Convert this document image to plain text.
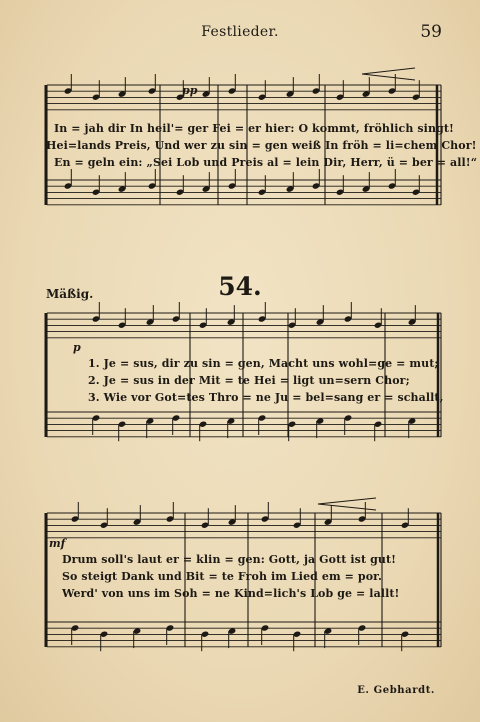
Festlieder.	59
In = jah dir In heil'= ger Fei = er hier: O kommt, fröhlich singt!
Hei=lands Preis, Und wer zu sin = gen weiß In fröh = li=chem Chor!
En = geln ein: „Sei Lob und Preis al = lein Dir, Herr, ü = ber = all!“
pp
54.
Mäßig.
1. Je = sus, dir zu sin = gen, Macht uns wohl=ge = mut;
2. Je = sus in der Mit = te Hei = ligt un=sern Chor;
3. Wie vor Got=tes Thro = ne Ju = bel=sang er = schallt,
p
Drum soll's laut er = klin = gen: Gott, ja Gott ist gut!
So steigt Dank und Bit = te Froh im Lied em = por.
Werd' von uns im Soh = ne Kind=lich's Lob ge = lallt!
mf
E. Gebhardt.
